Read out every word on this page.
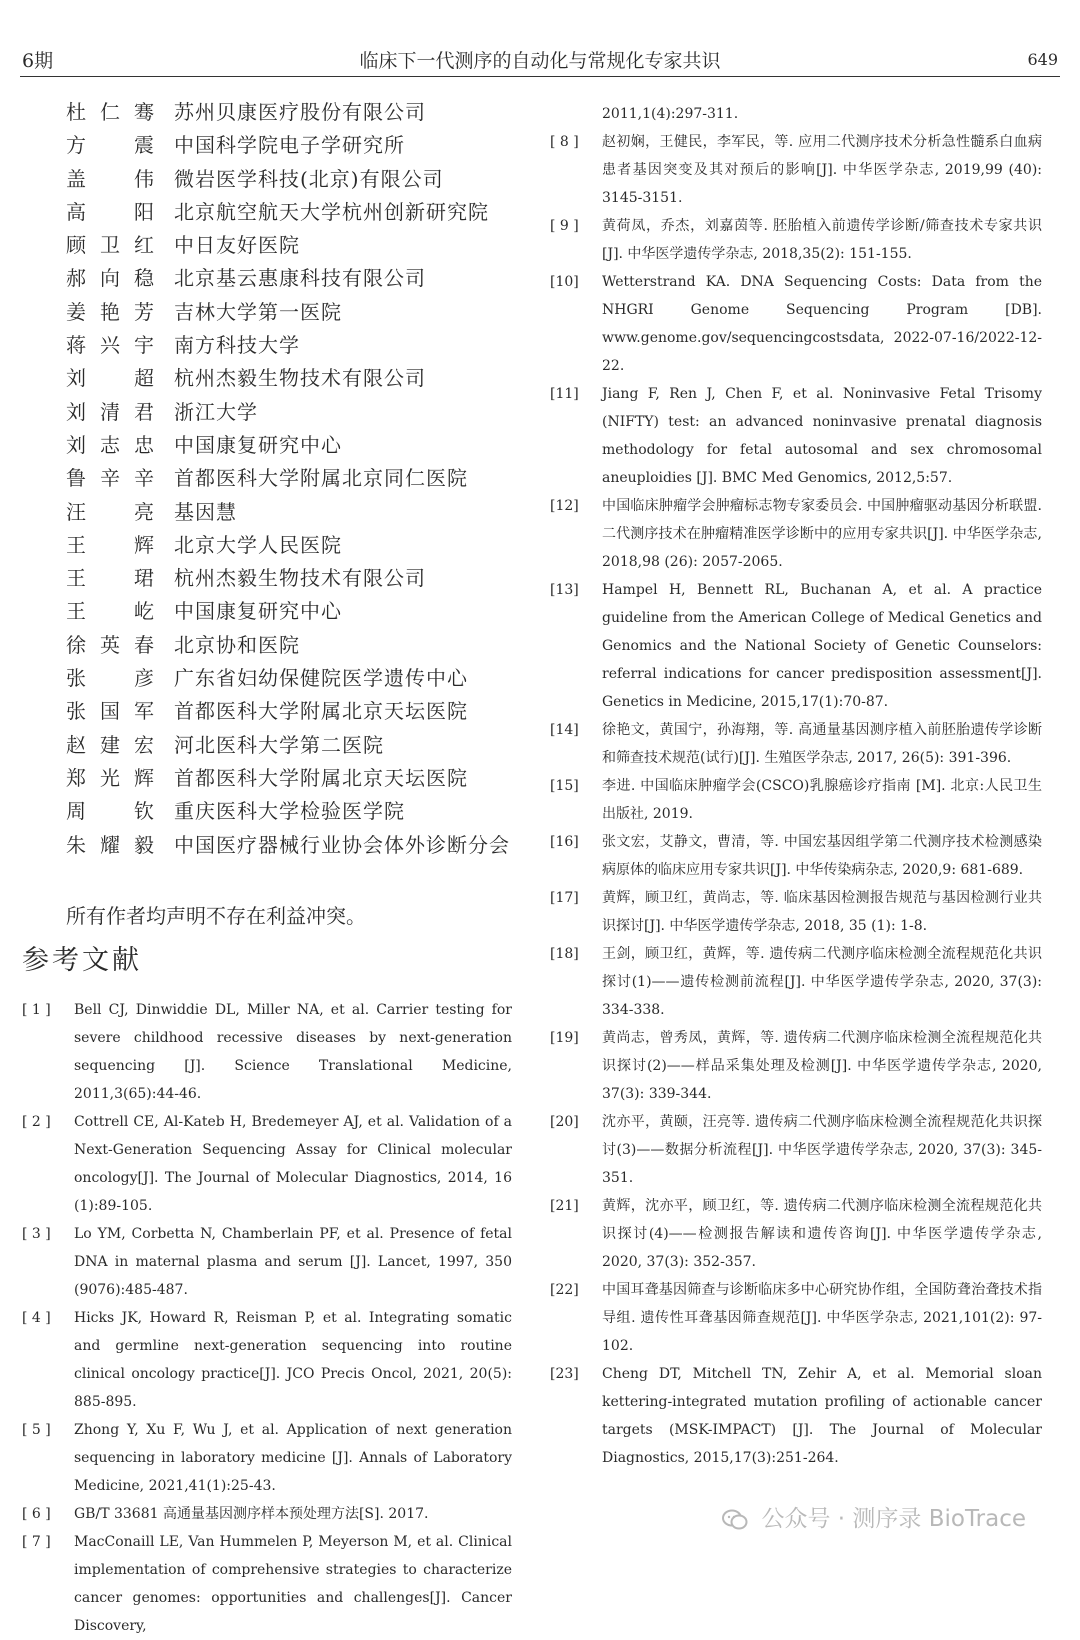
6期	临床下一代测序的自动化与常规化专家共识	649
杜仁骞 苏州贝康医疗股份有限公司
方震 中国科学院电子学研究所
盖伟 微岩医学科技(北京)有限公司
高阳 北京航空航天大学杭州创新研究院
顾卫红 中日友好医院
郝向稳 北京基云惠康科技有限公司
姜艳芳 吉林大学第一医院
蒋兴宇 南方科技大学
刘超 杭州杰毅生物技术有限公司
刘清君 浙江大学
刘志忠 中国康复研究中心
鲁辛辛 首都医科大学附属北京同仁医院
汪亮 基因慧
王辉 北京大学人民医院
王珺 杭州杰毅生物技术有限公司
王屹 中国康复研究中心
徐英春 北京协和医院
张彦 广东省妇幼保健院医学遗传中心
张国军 首都医科大学附属北京天坛医院
赵建宏 河北医科大学第二医院
郑光辉 首都医科大学附属北京天坛医院
周钦 重庆医科大学检验医学院
朱耀毅 中国医疗器械行业协会体外诊断分会
所有作者均声明不存在利益冲突。
参考文献
[ 1 ] Bell CJ, Dinwiddie DL, Miller NA, et al. Carrier testing for severe childhood recessive diseases by next-generation sequencing [J]. Science Translational Medicine, 2011,3(65):44-46.
[ 2 ] Cottrell CE, Al-Kateb H, Bredemeyer AJ, et al. Validation of a Next-Generation Sequencing Assay for Clinical molecular oncology[J]. The Journal of Molecular Diagnostics, 2014, 16 (1):89-105.
[ 3 ] Lo YM, Corbetta N, Chamberlain PF, et al. Presence of fetal DNA in maternal plasma and serum [J]. Lancet, 1997, 350 (9076):485-487.
[ 4 ] Hicks JK, Howard R, Reisman P, et al. Integrating somatic and germline next-generation sequencing into routine clinical oncology practice[J]. JCO Precis Oncol, 2021, 20(5): 885-895.
[ 5 ] Zhong Y, Xu F, Wu J, et al. Application of next generation sequencing in laboratory medicine [J]. Annals of Laboratory Medicine, 2021,41(1):25-43.
[ 6 ] GB/T 33681 高通量基因测序样本预处理方法[S]. 2017.
[ 7 ] MacConaill LE, Van Hummelen P, Meyerson M, et al. Clinical implementation of comprehensive strategies to characterize cancer genomes: opportunities and challenges[J]. Cancer Discovery,
2011,1(4):297-311.
[ 8 ] 赵初娴，王健民，李军民，等. 应用二代测序技术分析急性髓系白血病患者基因突变及其对预后的影响[J]. 中华医学杂志, 2019,99 (40): 3145-3151.
[ 9 ] 黄荷凤，乔杰，刘嘉茵等. 胚胎植入前遗传学诊断/筛查技术专家共识[J]. 中华医学遗传学杂志, 2018,35(2): 151-155.
[10] Wetterstrand KA. DNA Sequencing Costs: Data from the NHGRI Genome Sequencing Program [DB]. www.genome.gov/sequencingcostsdata, 2022-07-16/2022-12-22.
[11] Jiang F, Ren J, Chen F, et al. Noninvasive Fetal Trisomy (NIFTY) test: an advanced noninvasive prenatal diagnosis methodology for fetal autosomal and sex chromosomal aneuploidies [J]. BMC Med Genomics, 2012,5:57.
[12] 中国临床肿瘤学会肿瘤标志物专家委员会. 中国肿瘤驱动基因分析联盟. 二代测序技术在肿瘤精准医学诊断中的应用专家共识[J]. 中华医学杂志, 2018,98 (26): 2057-2065.
[13] Hampel H, Bennett RL, Buchanan A, et al. A practice guideline from the American College of Medical Genetics and Genomics and the National Society of Genetic Counselors: referral indications for cancer predisposition assessment[J]. Genetics in Medicine, 2015,17(1):70-87.
[14] 徐艳文，黄国宁，孙海翔，等. 高通量基因测序植入前胚胎遗传学诊断和筛查技术规范(试行)[J]. 生殖医学杂志, 2017, 26(5): 391-396.
[15] 李进. 中国临床肿瘤学会(CSCO)乳腺癌诊疗指南 [M]. 北京:人民卫生出版社, 2019.
[16] 张文宏，艾静文，曹清，等. 中国宏基因组学第二代测序技术检测感染病原体的临床应用专家共识[J]. 中华传染病杂志, 2020,9: 681-689.
[17] 黄辉，顾卫红，黄尚志，等. 临床基因检测报告规范与基因检测行业共识探讨[J]. 中华医学遗传学杂志, 2018, 35 (1): 1-8.
[18] 王剑，顾卫红，黄辉，等. 遗传病二代测序临床检测全流程规范化共识探讨(1)——遗传检测前流程[J]. 中华医学遗传学杂志, 2020, 37(3): 334-338.
[19] 黄尚志，曾秀凤，黄辉，等. 遗传病二代测序临床检测全流程规范化共识探讨(2)——样品采集处理及检测[J]. 中华医学遗传学杂志, 2020, 37(3): 339-344.
[20] 沈亦平，黄颐，汪亮等. 遗传病二代测序临床检测全流程规范化共识探讨(3)——数据分析流程[J]. 中华医学遗传学杂志, 2020, 37(3): 345-351.
[21] 黄辉，沈亦平，顾卫红，等. 遗传病二代测序临床检测全流程规范化共识探讨(4)——检测报告解读和遗传咨询[J]. 中华医学遗传学杂志, 2020, 37(3): 352-357.
[22] 中国耳聋基因筛查与诊断临床多中心研究协作组，全国防聋治聋技术指导组. 遗传性耳聋基因筛查规范[J]. 中华医学杂志, 2021,101(2): 97-102.
[23] Cheng DT, Mitchell TN, Zehir A, et al. Memorial sloan kettering-integrated mutation profiling of actionable cancer targets (MSK-IMPACT) [J]. The Journal of Molecular Diagnostics, 2015,17(3):251-264.
公众号 · 测序录 BioTrace
